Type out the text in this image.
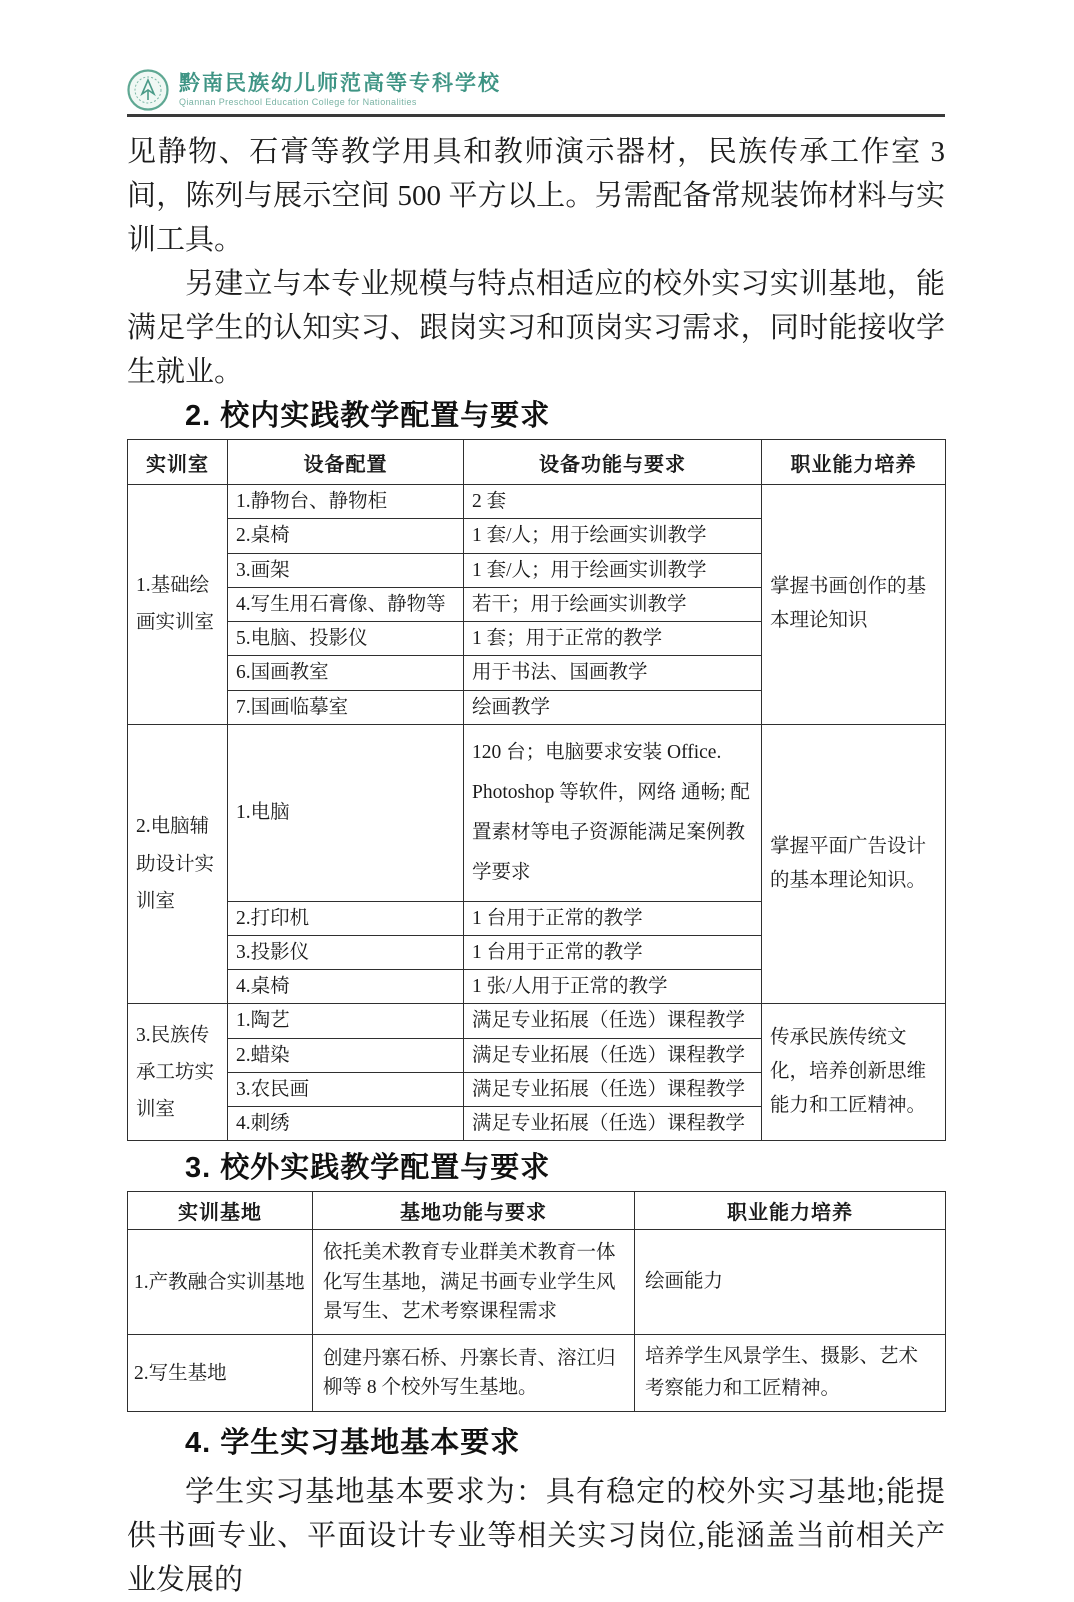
黔南民族幼儿师范高等专科学校
Qiannan Preschool Education College for Nationalities

见静物、石膏等教学用具和教师演示器材，民族传承工作室 3 间，陈列与展示空间 500 平方以上。另需配备常规装饰材料与实训工具。

另建立与本专业规模与特点相适应的校外实习实训基地，能满足学生的认知实习、跟岗实习和顶岗实习需求，同时能接收学生就业。

2. 校内实践教学配置与要求
实训室	设备配置	设备功能与要求	职业能力培养
1.基础绘画实训室	1.静物台、静物柜	2 套	掌握书画创作的基本理论知识
	2.桌椅	1 套/人；用于绘画实训教学	
	3.画架	1 套/人；用于绘画实训教学	
	4.写生用石膏像、静物等	若干；用于绘画实训教学	
	5.电脑、投影仪	1 套；用于正常的教学	
	6.国画教室	用于书法、国画教学	
	7.国画临摹室	绘画教学	
2.电脑辅助设计实训室	1.电脑	120 台；电脑要求安装 Office. Photoshop 等软件，网络 通畅; 配置素材等电子资源能满足案例教学要求	掌握平面广告设计的基本理论知识。
	2.打印机	1 台用于正常的教学	
	3.投影仪	1 台用于正常的教学	
	4.桌椅	1 张/人用于正常的教学	
3.民族传承工坊实训室	1.陶艺	满足专业拓展（任选）课程教学	传承民族传统文化，培养创新思维能力和工匠精神。
	2.蜡染	满足专业拓展（任选）课程教学	
	3.农民画	满足专业拓展（任选）课程教学	
	4.刺绣	满足专业拓展（任选）课程教学	
3. 校外实践教学配置与要求
实训基地	基地功能与要求	职业能力培养
1.产教融合实训基地	依托美术教育专业群美术教育一体化写生基地，满足书画专业学生风景写生、艺术考察课程需求	绘画能力
2.写生基地	创建丹寨石桥、丹寨长青、溶江归柳等 8 个校外写生基地。	培养学生风景学生、摄影、艺术考察能力和工匠精神。
4. 学生实习基地基本要求

学生实习基地基本要求为：具有稳定的校外实习基地;能提供书画专业、平面设计专业等相关实习岗位,能涵盖当前相关产业发展的
